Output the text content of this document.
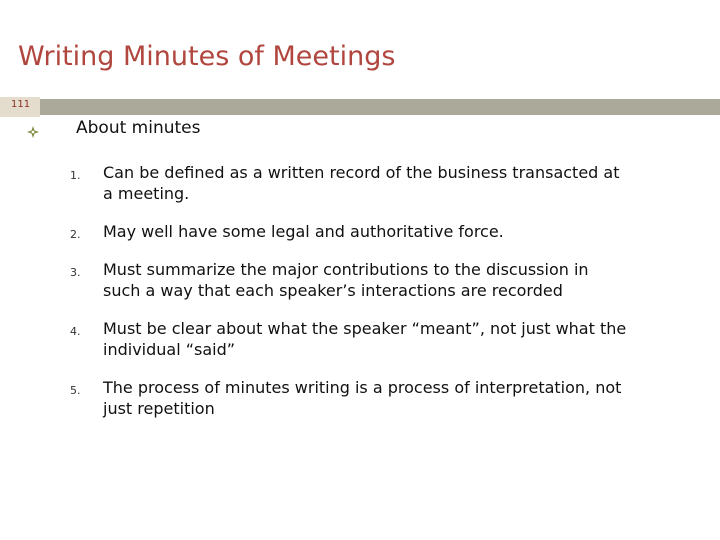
Writing Minutes of Meetings
111
About minutes
1. Can be defined as a written record of the business transacted at a meeting.
2. May well have some legal and authoritative force.
3. Must summarize the major contributions to the discussion in such a way that each speaker’s interactions are recorded
4. Must be clear about what the speaker “meant”, not just what the individual “said”
5. The process of minutes writing is a process of interpretation, not just repetition
